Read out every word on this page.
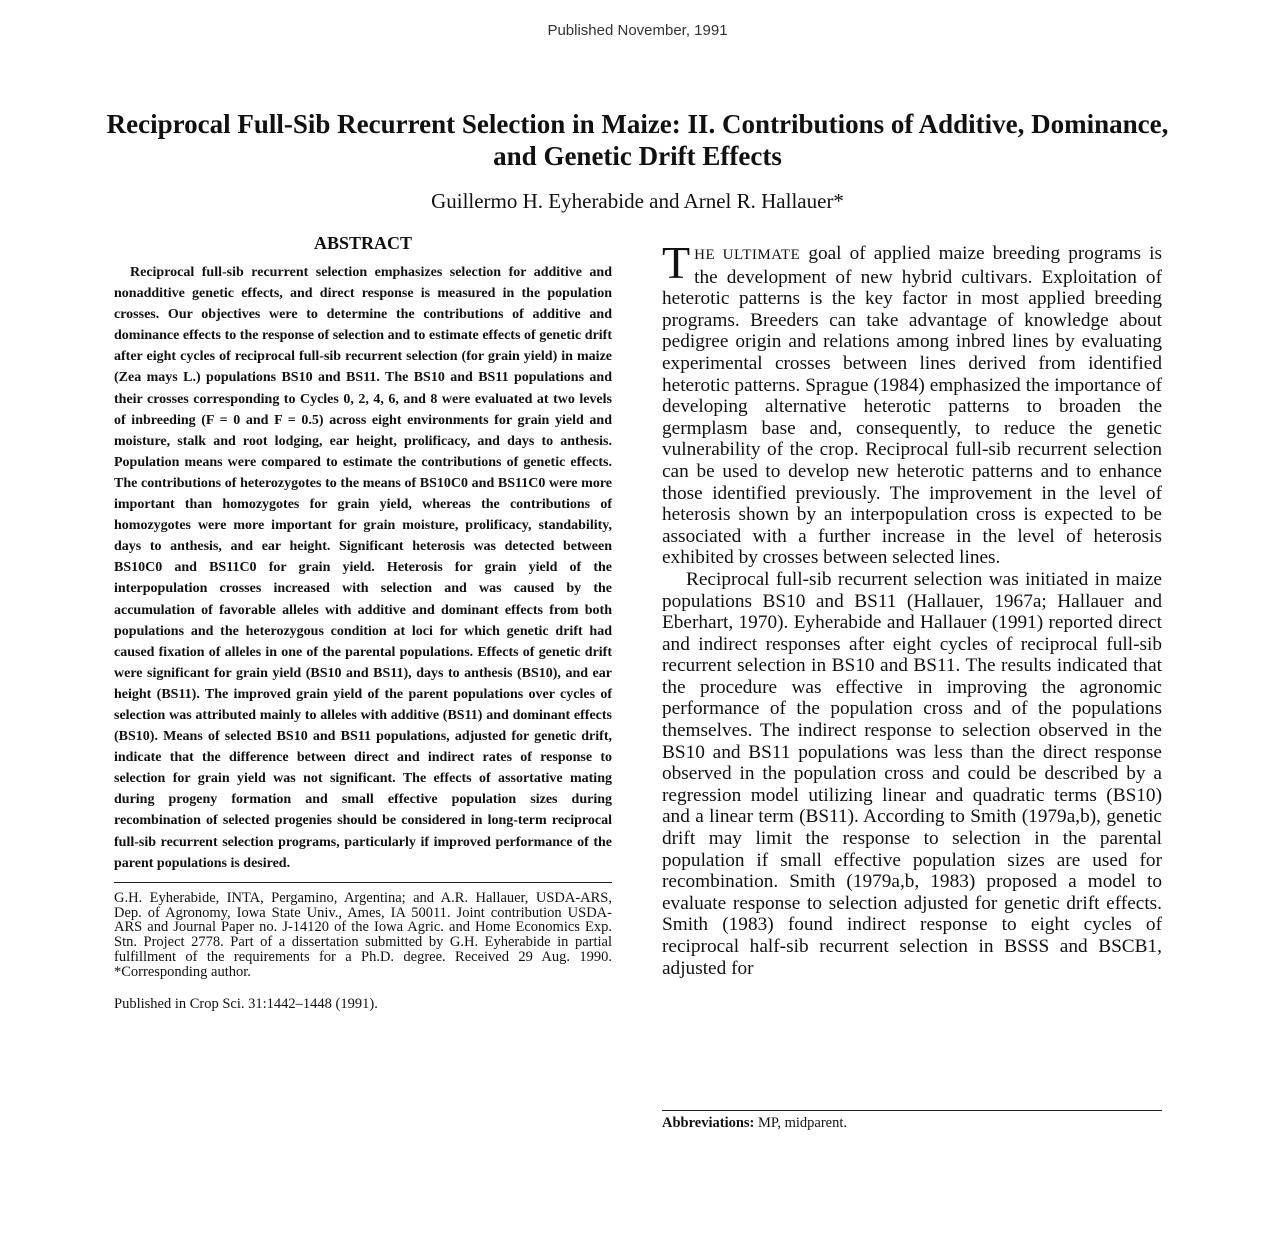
Published November, 1991
Reciprocal Full-Sib Recurrent Selection in Maize: II. Contributions of Additive, Dominance, and Genetic Drift Effects
Guillermo H. Eyherabide and Arnel R. Hallauer*
ABSTRACT

Reciprocal full-sib recurrent selection emphasizes selection for additive and nonadditive genetic effects, and direct response is measured in the population crosses. Our objectives were to determine the contributions of additive and dominance effects to the response of selection and to estimate effects of genetic drift after eight cycles of reciprocal full-sib recurrent selection (for grain yield) in maize (Zea mays L.) populations BS10 and BS11. The BS10 and BS11 populations and their crosses corresponding to Cycles 0, 2, 4, 6, and 8 were evaluated at two levels of inbreeding (F = 0 and F = 0.5) across eight environments for grain yield and moisture, stalk and root lodging, ear height, prolificacy, and days to anthesis. Population means were compared to estimate the contributions of genetic effects. The contributions of heterozygotes to the means of BS10C0 and BS11C0 were more important than homozygotes for grain yield, whereas the contributions of homozygotes were more important for grain moisture, prolificacy, standability, days to anthesis, and ear height. Significant heterosis was detected between BS10C0 and BS11C0 for grain yield. Heterosis for grain yield of the interpopulation crosses increased with selection and was caused by the accumulation of favorable alleles with additive and dominant effects from both populations and the heterozygous condition at loci for which genetic drift had caused fixation of alleles in one of the parental populations. Effects of genetic drift were significant for grain yield (BS10 and BS11), days to anthesis (BS10), and ear height (BS11). The improved grain yield of the parent populations over cycles of selection was attributed mainly to alleles with additive (BS11) and dominant effects (BS10). Means of selected BS10 and BS11 populations, adjusted for genetic drift, indicate that the difference between direct and indirect rates of response to selection for grain yield was not significant. The effects of assortative mating during progeny formation and small effective population sizes during recombination of selected progenies should be considered in long-term reciprocal full-sib recurrent selection programs, particularly if improved performance of the parent populations is desired.

G.H. Eyherabide, INTA, Pergamino, Argentina; and A.R. Hallauer, USDA-ARS, Dep. of Agronomy, Iowa State Univ., Ames, IA 50011. Joint contribution USDA-ARS and Journal Paper no. J-14120 of the Iowa Agric. and Home Economics Exp. Stn. Project 2778. Part of a dissertation submitted by G.H. Eyherabide in partial fulfillment of the requirements for a Ph.D. degree. Received 29 Aug. 1990. *Corresponding author.

Published in Crop Sci. 31:1442–1448 (1991).

THE ULTIMATE goal of applied maize breeding programs is the development of new hybrid cultivars. Exploitation of heterotic patterns is the key factor in most applied breeding programs. Breeders can take advantage of knowledge about pedigree origin and relations among inbred lines by evaluating experimental crosses between lines derived from identified heterotic patterns. Sprague (1984) emphasized the importance of developing alternative heterotic patterns to broaden the germplasm base and, consequently, to reduce the genetic vulnerability of the crop. Reciprocal full-sib recurrent selection can be used to develop new heterotic patterns and to enhance those identified previously. The improvement in the level of heterosis shown by an interpopulation cross is expected to be associated with a further increase in the level of heterosis exhibited by crosses between selected lines.

Reciprocal full-sib recurrent selection was initiated in maize populations BS10 and BS11 (Hallauer, 1967a; Hallauer and Eberhart, 1970). Eyherabide and Hallauer (1991) reported direct and indirect responses after eight cycles of reciprocal full-sib recurrent selection in BS10 and BS11. The results indicated that the procedure was effective in improving the agronomic performance of the population cross and of the populations themselves. The indirect response to selection observed in the BS10 and BS11 populations was less than the direct response observed in the population cross and could be described by a regression model utilizing linear and quadratic terms (BS10) and a linear term (BS11). According to Smith (1979a,b), genetic drift may limit the response to selection in the parental population if small effective population sizes are used for recombination. Smith (1979a,b, 1983) proposed a model to evaluate response to selection adjusted for genetic drift effects. Smith (1983) found indirect response to eight cycles of reciprocal half-sib recurrent selection in BSSS and BSCB1, adjusted for

Abbreviations: MP, midparent.
